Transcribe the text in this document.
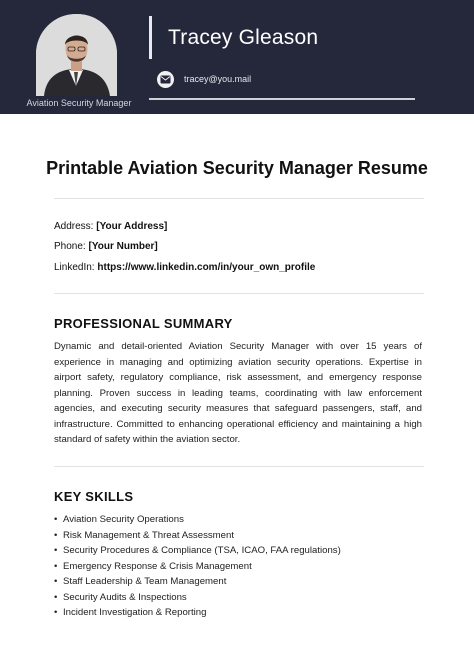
Aviation Security Manager
Tracey Gleason
tracey@you.mail
Printable Aviation Security Manager Resume
Address: [Your Address]
Phone: [Your Number]
LinkedIn: https://www.linkedin.com/in/your_own_profile
PROFESSIONAL SUMMARY

Dynamic and detail-oriented Aviation Security Manager with over 15 years of experience in managing and optimizing aviation security operations. Expertise in airport safety, regulatory compliance, risk assessment, and emergency response planning. Proven success in leading teams, coordinating with law enforcement agencies, and executing security measures that safeguard passengers, staff, and infrastructure. Committed to enhancing operational efficiency and maintaining a high standard of safety within the aviation sector.

KEY SKILLS
• Aviation Security Operations
• Risk Management & Threat Assessment
• Security Procedures & Compliance (TSA, ICAO, FAA regulations)
• Emergency Response & Crisis Management
• Staff Leadership & Team Management
• Security Audits & Inspections
• Incident Investigation & Reporting
